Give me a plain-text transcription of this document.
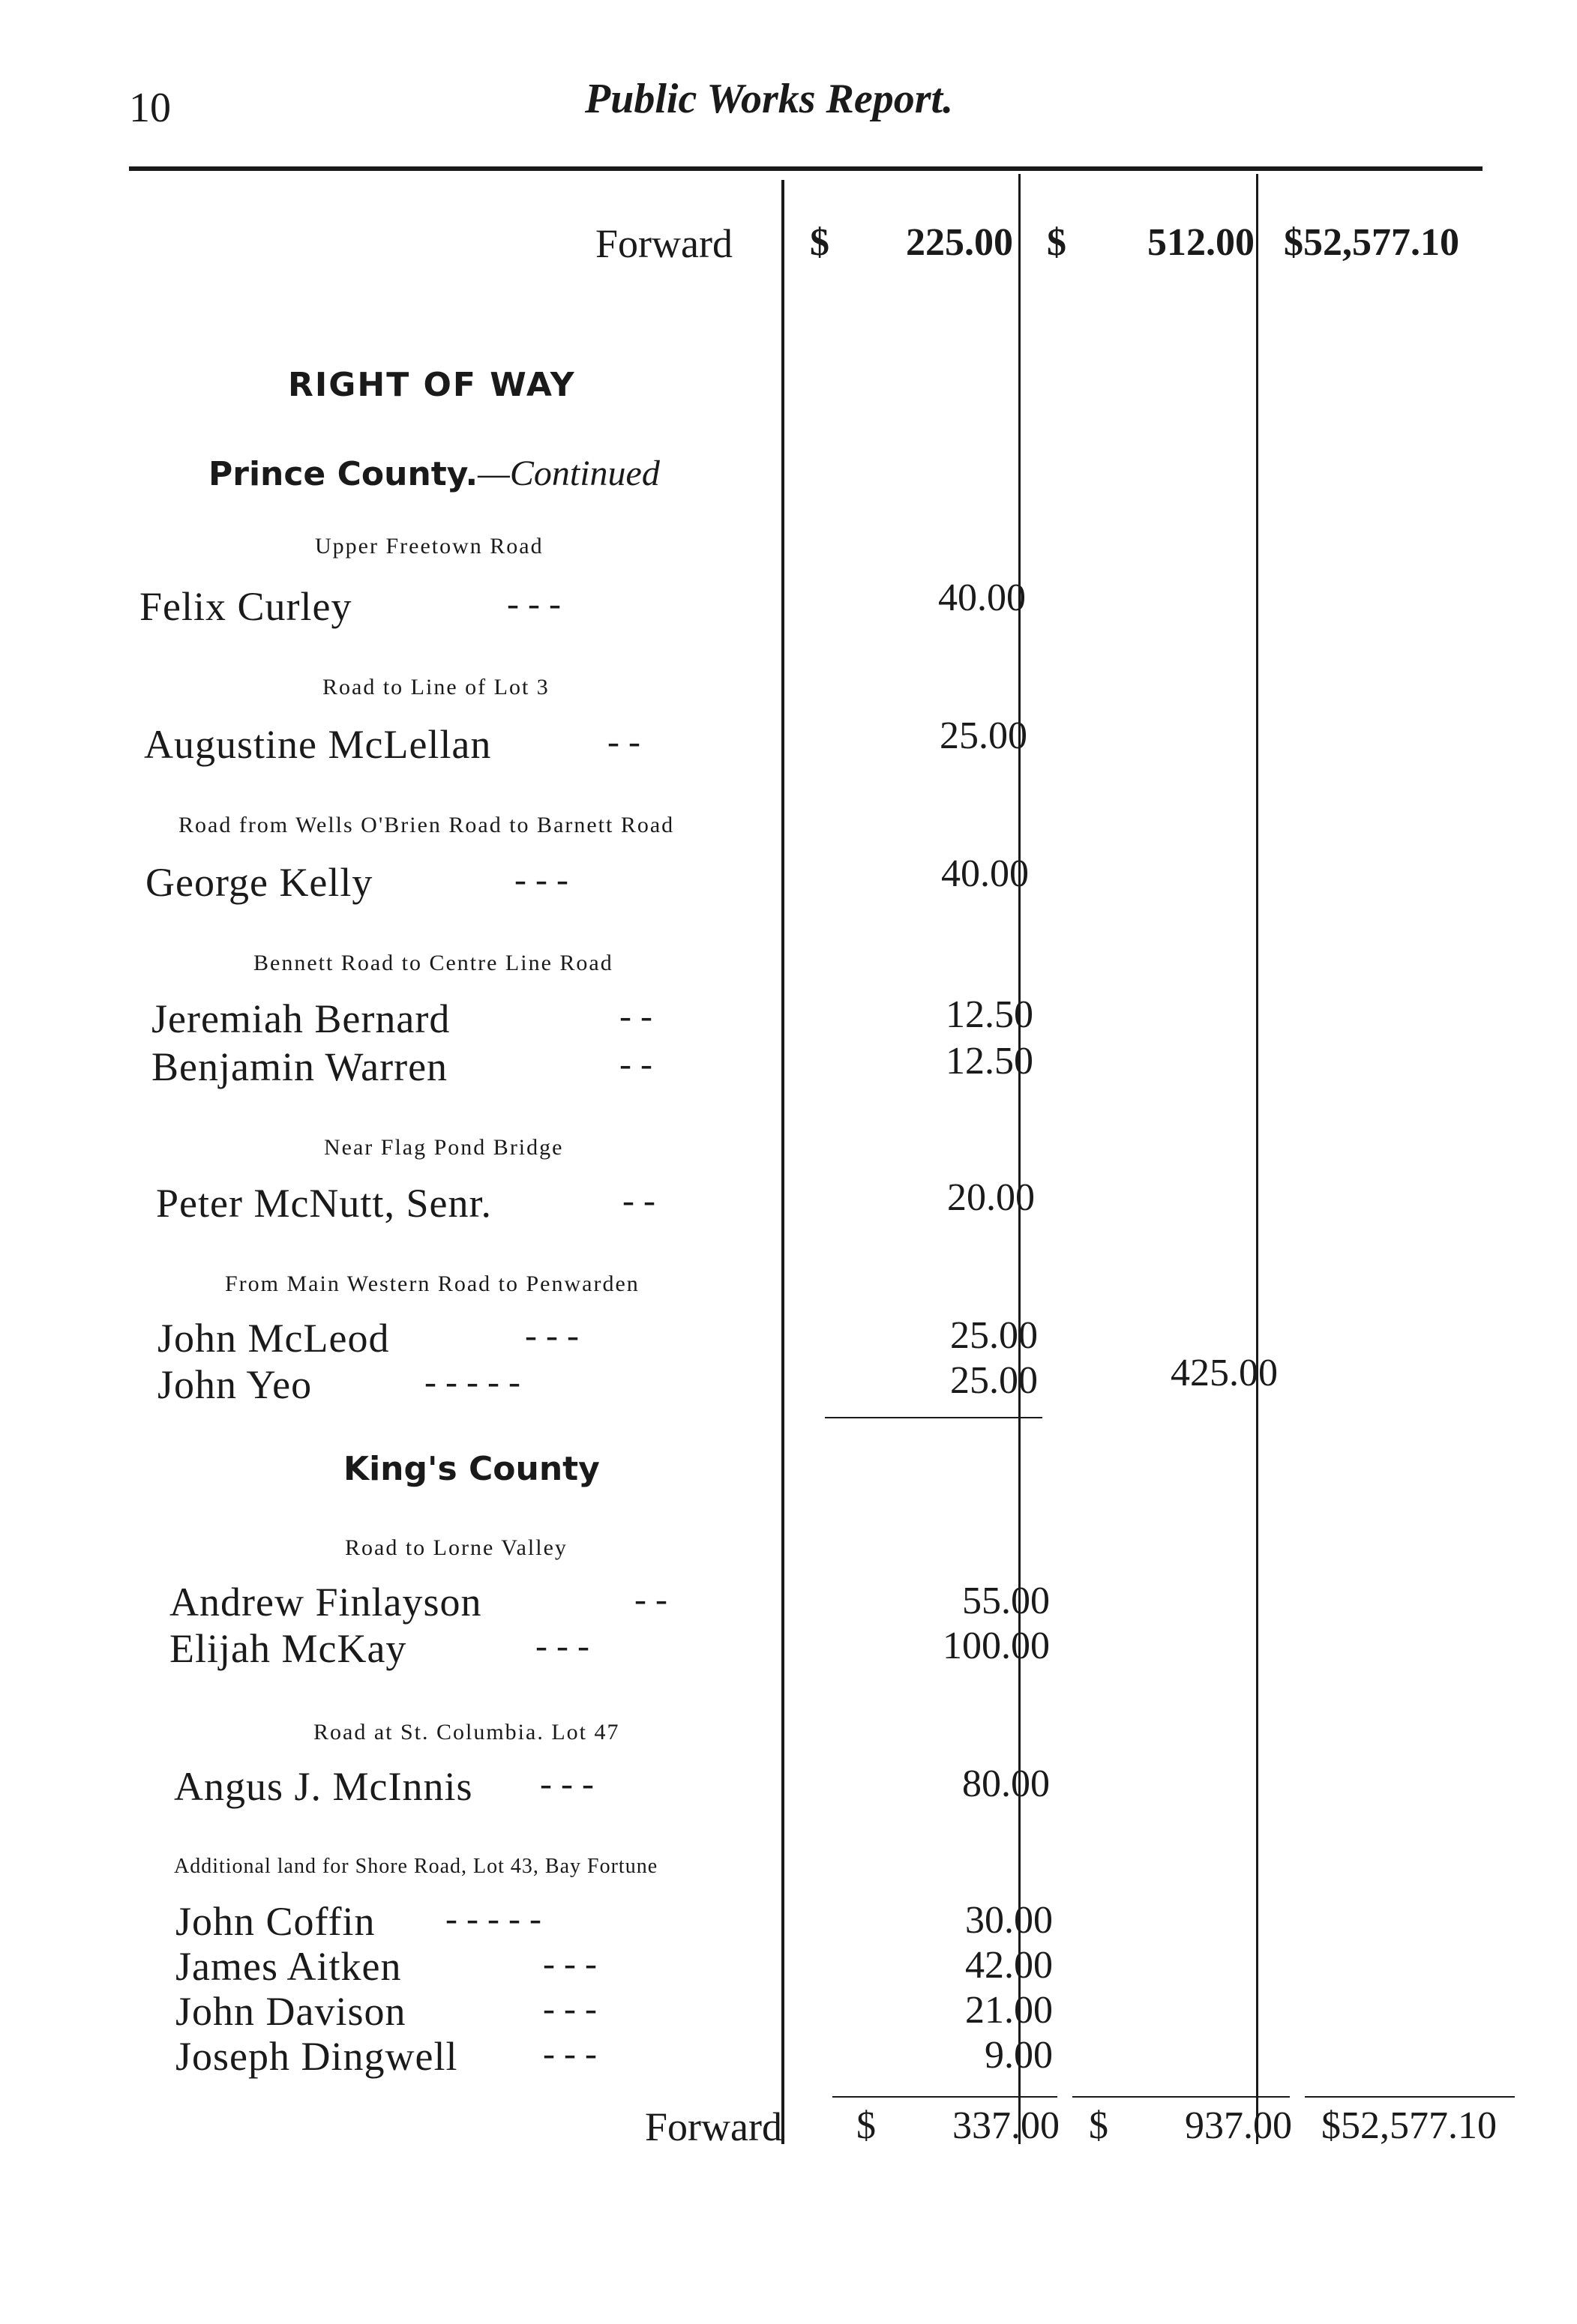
10	Public Works Report.
Forward $ 225.00 $ 512.00 $52,577.10
RIGHT OF WAY
Prince County.—Continued
Upper Freetown Road
Felix Curley	- - -	40.00
Road to Line of Lot 3
Augustine McLellan	- -	25.00
Road from Wells O'Brien Road to Barnett Road
George Kelly	- - -	40.00
Bennett Road to Centre Line Road
Jeremiah Bernard	- -	12.50
Benjamin Warren	- -	12.50
Near Flag Pond Bridge
Peter McNutt, Senr.	- -	20.00
From Main Western Road to Penwarden
John McLeod	- - -	25.00
John Yeo	- - - - -	25.00	425.00
King's County
Road to Lorne Valley
Andrew Finlayson	- -	55.00
Elijah McKay	- - -	100.00
Road at St. Columbia. Lot 47
Angus J. McInnis - - -	80.00
Additional land for Shore Road, Lot 43, Bay Fortune
John Coffin - - - - -	30.00
James Aitken	- - -	42.00
John Davison	- - -	21.00
Joseph Dingwell - - -	9.00
Forward $ 337.00 $ 937.00 $52,577.10
